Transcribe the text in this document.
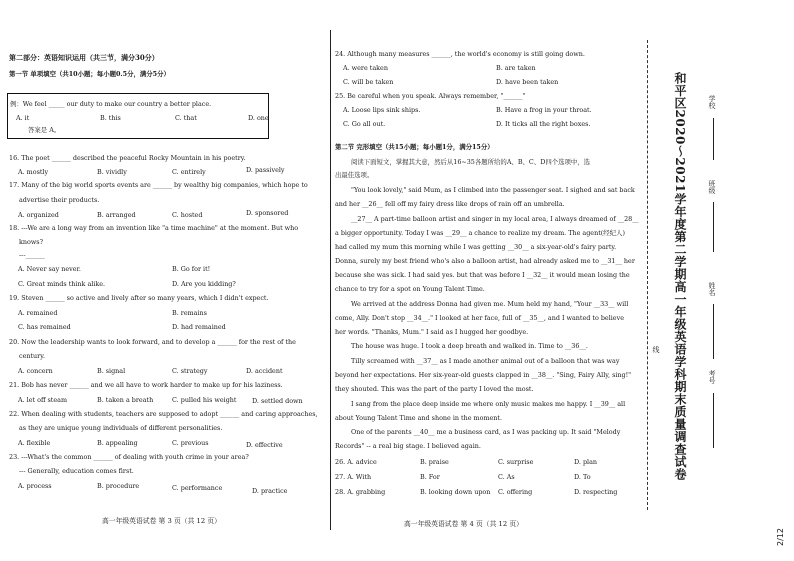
第二部分：英语知识运用（共三节，满分30分）
第一节 单项填空（共10小题；每小题0.5分，满分5分）
例：We feel _____ our duty to make our country a better place.
A. it	B. this	C. that	D. one
答案是 A。
16. The poet ______ described the peaceful Rocky Mountain in his poetry.
A. mostly	B. vividly	C. entirely	D. passively
17. Many of the big world sports events are ______ by wealthy big companies, which hope to
advertise their products.
A. organized	B. arranged	C. hosted	D. sponsored
18. ---We are a long way from an invention like "a time machine" at the moment. But who
knows?
---______
A. Never say never.	B. Go for it!
C. Great minds think alike.	D. Are you kidding?
19. Steven ______ so active and lively after so many years, which I didn't expect.
A. remained	B. remains
C. has remained	D. had remained
20. Now the leadership wants to look forward, and to develop a ______ for the rest of the
century.
A. concern	B. signal	C. strategy	D. accident
21. Bob has never ______ and we all have to work harder to make up for his laziness.
A. let off steam	B. taken a breath	C. pulled his weight D. settled down
22. When dealing with students, teachers are supposed to adopt ______ and caring approaches,
as they are unique young individuals of different personalities.
A. flexible	B. appealing	C. previous	D. effective
23. ---What's the common ______ of dealing with youth crime in your area?
--- Generally, education comes first.
A. process	B. procedure	C. performance	D. practice
高一年级英语试卷 第 3 页（共 12 页）
24. Although many measures ______, the world's economy is still going down.
A. were taken	B. are taken
C. will be taken	D. have been taken
25. Be careful when you speak. Always remember, "______"
A. Loose lips sink ships.	B. Have a frog in your throat.
C. Go all out.	D. It ticks all the right boxes.
第二节 完形填空（共15小题；每小题1分，满分15分）
阅读下面短文，掌握其大意，然后从16~35各题所给的A、B、C、D四个选项中，选
出最佳选项。
"You look lovely," said Mum, as I climbed into the passenger seat. I sighed and sat back
and her __26__ fell off my fairy dress like drops of rain off an umbrella.
__27__ A part-time balloon artist and singer in my local area, I always dreamed of __28__
a bigger opportunity. Today I was __29__ a chance to realize my dream. The agent(经纪人)
had called my mum this morning while I was getting __30__ a six-year-old's fairy party.
Donna, surely my best friend who's also a balloon artist, had already asked me to __31__ her
because she was sick. I had said yes. but that was before I __32__ it would mean losing the
chance to try for a spot on Young Talent Time.
We arrived at the address Donna had given me. Mum held my hand, "Your __33__ will
come, Ally. Don't stop __34__." I looked at her face, full of __35__, and I wanted to believe
her words. "Thanks, Mum." I said as I hugged her goodbye.
The house was huge. I took a deep breath and walked in. Time to __36__.
Tilly screamed with __37__ as I made another animal out of a balloon that was way
beyond her expectations. Her six-year-old guests clapped in __38__. "Sing, Fairy Ally, sing!"
they shouted. This was the part of the party I loved the most.
I sang from the place deep inside me where only music makes me happy. I __39__ all
about Young Talent Time and shone in the moment.
One of the parents __40__ me a business card, as I was packing up. It said "Melody
Records" -- a real big stage. I believed again.
26. A. advice	B. praise	C. surprise	D. plan
27. A. With	B. For	C. As	D. To
28. A. grabbing	B. looking down upon C. offering	D. respecting
高一年级英语试卷 第 4 页（共 12 页）
线
学校
班级
姓名
考号
和平区2020～2021学年度第二学期高一年级英语学科期末质量调查试卷
2/12
